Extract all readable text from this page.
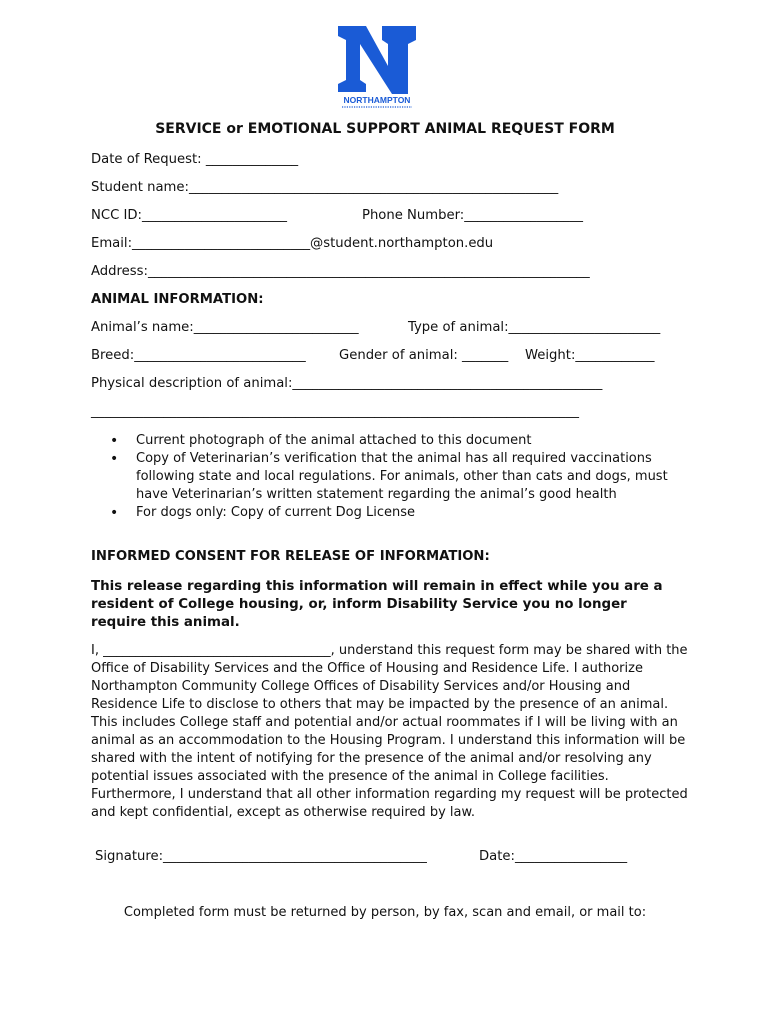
NORTHAMPTON
SERVICE or EMOTIONAL SUPPORT ANIMAL REQUEST FORM
Date of Request: ______________
Student name:________________________________________________________
NCC ID:______________________	Phone Number:__________________
Email:___________________________@student.northampton.edu
Address:___________________________________________________________________
ANIMAL INFORMATION:
Animal’s name:_________________________	Type of animal:_______________________
Breed:__________________________	Gender of animal: _______ Weight:____________
Physical description of animal:_______________________________________________
__________________________________________________________________________
• Current photograph of the animal attached to this document
• Copy of Veterinarian’s verification that the animal has all required vaccinations following state and local regulations. For animals, other than cats and dogs, must have Veterinarian’s written statement regarding the animal’s good health
• For dogs only: Copy of current Dog License
INFORMED CONSENT FOR RELEASE OF INFORMATION:
This release regarding this information will remain in effect while you are a resident of College housing, or, inform Disability Service you no longer require this animal.
I, ___________________________________, understand this request form may be shared with the Office of Disability Services and the Office of Housing and Residence Life. I authorize Northampton Community College Offices of Disability Services and/or Housing and Residence Life to disclose to others that may be impacted by the presence of an animal. This includes College staff and potential and/or actual roommates if I will be living with an animal as an accommodation to the Housing Program. I understand this information will be shared with the intent of notifying for the presence of the animal and/or resolving any potential issues associated with the presence of the animal in College facilities. Furthermore, I understand that all other information regarding my request will be protected and kept confidential, except as otherwise required by law.
Signature:________________________________________	Date:_________________
Completed form must be returned by person, by fax, scan and email, or mail to:
